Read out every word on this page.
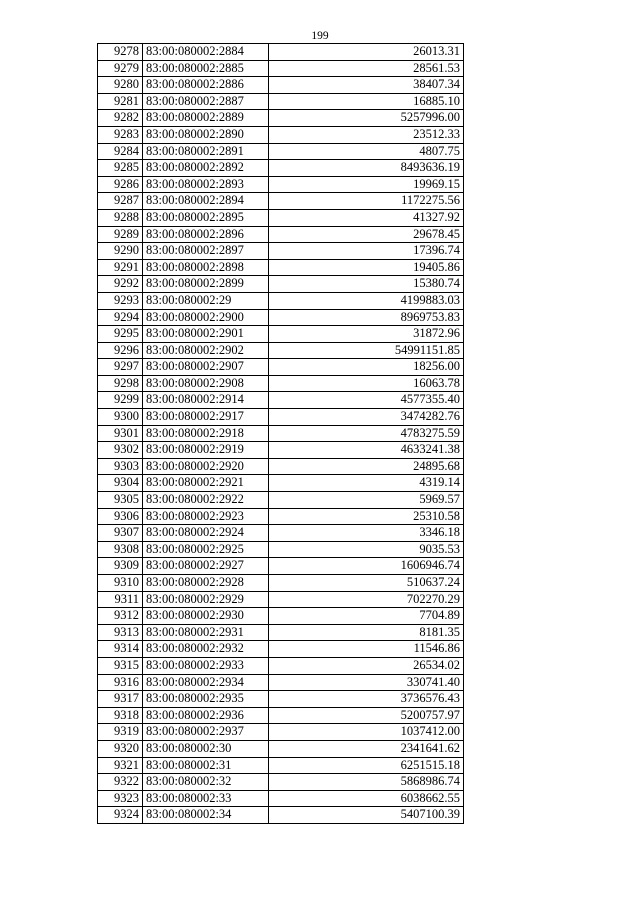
199
9278	83:00:080002:2884	26013.31
9279	83:00:080002:2885	28561.53
9280	83:00:080002:2886	38407.34
9281	83:00:080002:2887	16885.10
9282	83:00:080002:2889	5257996.00
9283	83:00:080002:2890	23512.33
9284	83:00:080002:2891	4807.75
9285	83:00:080002:2892	8493636.19
9286	83:00:080002:2893	19969.15
9287	83:00:080002:2894	1172275.56
9288	83:00:080002:2895	41327.92
9289	83:00:080002:2896	29678.45
9290	83:00:080002:2897	17396.74
9291	83:00:080002:2898	19405.86
9292	83:00:080002:2899	15380.74
9293	83:00:080002:29	4199883.03
9294	83:00:080002:2900	8969753.83
9295	83:00:080002:2901	31872.96
9296	83:00:080002:2902	54991151.85
9297	83:00:080002:2907	18256.00
9298	83:00:080002:2908	16063.78
9299	83:00:080002:2914	4577355.40
9300	83:00:080002:2917	3474282.76
9301	83:00:080002:2918	4783275.59
9302	83:00:080002:2919	4633241.38
9303	83:00:080002:2920	24895.68
9304	83:00:080002:2921	4319.14
9305	83:00:080002:2922	5969.57
9306	83:00:080002:2923	25310.58
9307	83:00:080002:2924	3346.18
9308	83:00:080002:2925	9035.53
9309	83:00:080002:2927	1606946.74
9310	83:00:080002:2928	510637.24
9311	83:00:080002:2929	702270.29
9312	83:00:080002:2930	7704.89
9313	83:00:080002:2931	8181.35
9314	83:00:080002:2932	11546.86
9315	83:00:080002:2933	26534.02
9316	83:00:080002:2934	330741.40
9317	83:00:080002:2935	3736576.43
9318	83:00:080002:2936	5200757.97
9319	83:00:080002:2937	1037412.00
9320	83:00:080002:30	2341641.62
9321	83:00:080002:31	6251515.18
9322	83:00:080002:32	5868986.74
9323	83:00:080002:33	6038662.55
9324	83:00:080002:34	5407100.39
